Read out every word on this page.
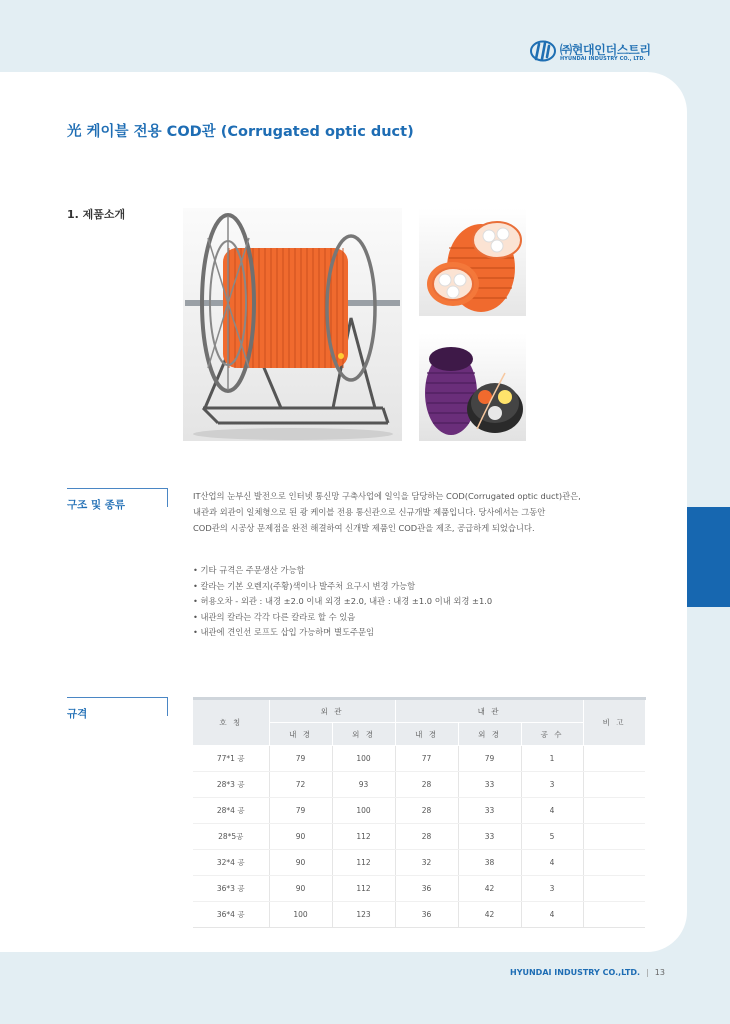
㈜현대인더스트리
HYUNDAI INDUSTRY CO., LTD.
光 케이블 전용 COD관 (Corrugated optic duct)
1. 제품소개
구조 및 종류
IT산업의 눈부신 발전으로 인터넷 통신망 구축사업에 일익을 담당하는 COD(Corrugated optic duct)관은,
내관과 외관이 일체형으로 된 광 케이블 전용 통신관으로 신규개발 제품입니다. 당사에서는 그동안
COD관의 시공상 문제점을 완전 해결하여 신개발 제품인 COD관을 제조, 공급하게 되었습니다.
• 기타 규격은 주문생산 가능함
• 칼라는 기본 오렌지(주황)색이나 발주처 요구시 변경 가능함
• 허용오차 - 외관 : 내경 ±2.0 이내 외경 ±2.0, 내관 : 내경 ±1.0 이내 외경 ±1.0
• 내관의 칼라는 각각 다른 칼라로 할 수 있음
• 내관에 견인선 로프도 삽입 가능하며 별도주문임
규격
호 칭	외 관		내 관			비 고
	내 경	외 경	내 경	외 경	공 수	
77*1 공	79	100	77	79	1	
28*3 공	72	93	28	33	3	
28*4 공	79	100	28	33	4	
28*5공	90	112	28	33	5	
32*4 공	90	112	32	38	4	
36*3 공	90	112	36	42	3	
36*4 공	100	123	36	42	4	
HYUNDAI INDUSTRY CO.,LTD. | 13
